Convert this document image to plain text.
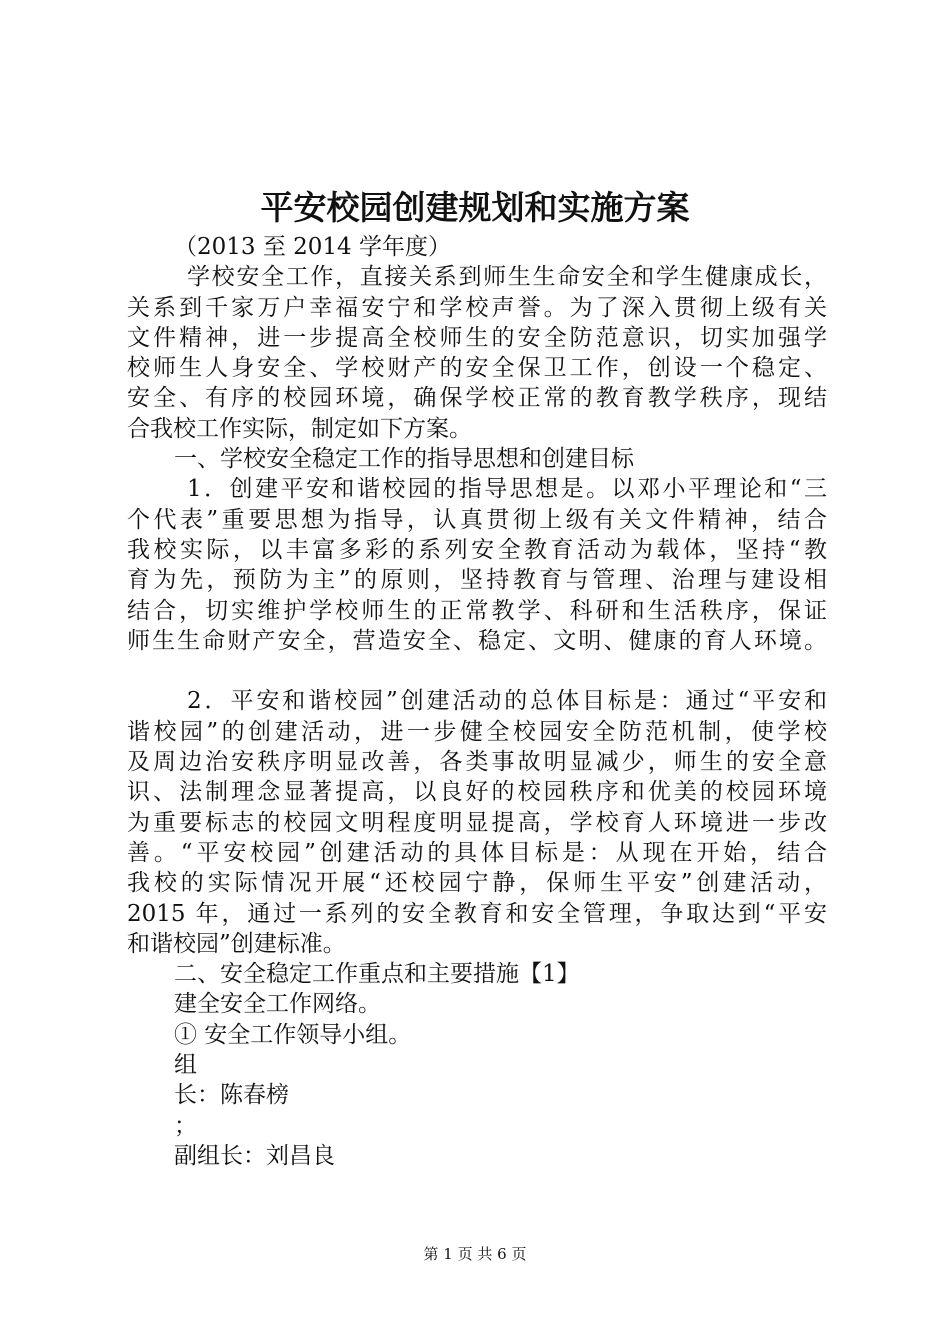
平安校园创建规划和实施方案
（2013 至 2014 学年度）
学校安全工作，直接关系到师生生命安全和学生健康成长，
关系到千家万户幸福安宁和学校声誉。为了深入贯彻上级有关
文件精神，进一步提高全校师生的安全防范意识，切实加强学
校师生人身安全、学校财产的安全保卫工作，创设一个稳定、
安全、有序的校园环境，确保学校正常的教育教学秩序，现结
合我校工作实际，制定如下方案。
一、学校安全稳定工作的指导思想和创建目标
1．创建平安和谐校园的指导思想是。以邓小平理论和“三
个代表”重要思想为指导，认真贯彻上级有关文件精神，结合
我校实际，以丰富多彩的系列安全教育活动为载体，坚持“教
育为先，预防为主”的原则，坚持教育与管理、治理与建设相
结合，切实维护学校师生的正常教学、科研和生活秩序，保证
师生生命财产安全，营造安全、稳定、文明、健康的育人环境。
2．平安和谐校园”创建活动的总体目标是：通过“平安和
谐校园”的创建活动，进一步健全校园安全防范机制，使学校
及周边治安秩序明显改善，各类事故明显减少，师生的安全意
识、法制理念显著提高，以良好的校园秩序和优美的校园环境
为重要标志的校园文明程度明显提高，学校育人环境进一步改
善。“平安校园”创建活动的具体目标是：从现在开始，结合
我校的实际情况开展“还校园宁静，保师生平安”创建活动，
2015 年，通过一系列的安全教育和安全管理，争取达到“平安
和谐校园”创建标准。
二、安全稳定工作重点和主要措施【1】
建全安全工作网络。
① 安全工作领导小组。
组
长：陈春榜
；
副组长：刘昌良
第 1 页 共 6 页
